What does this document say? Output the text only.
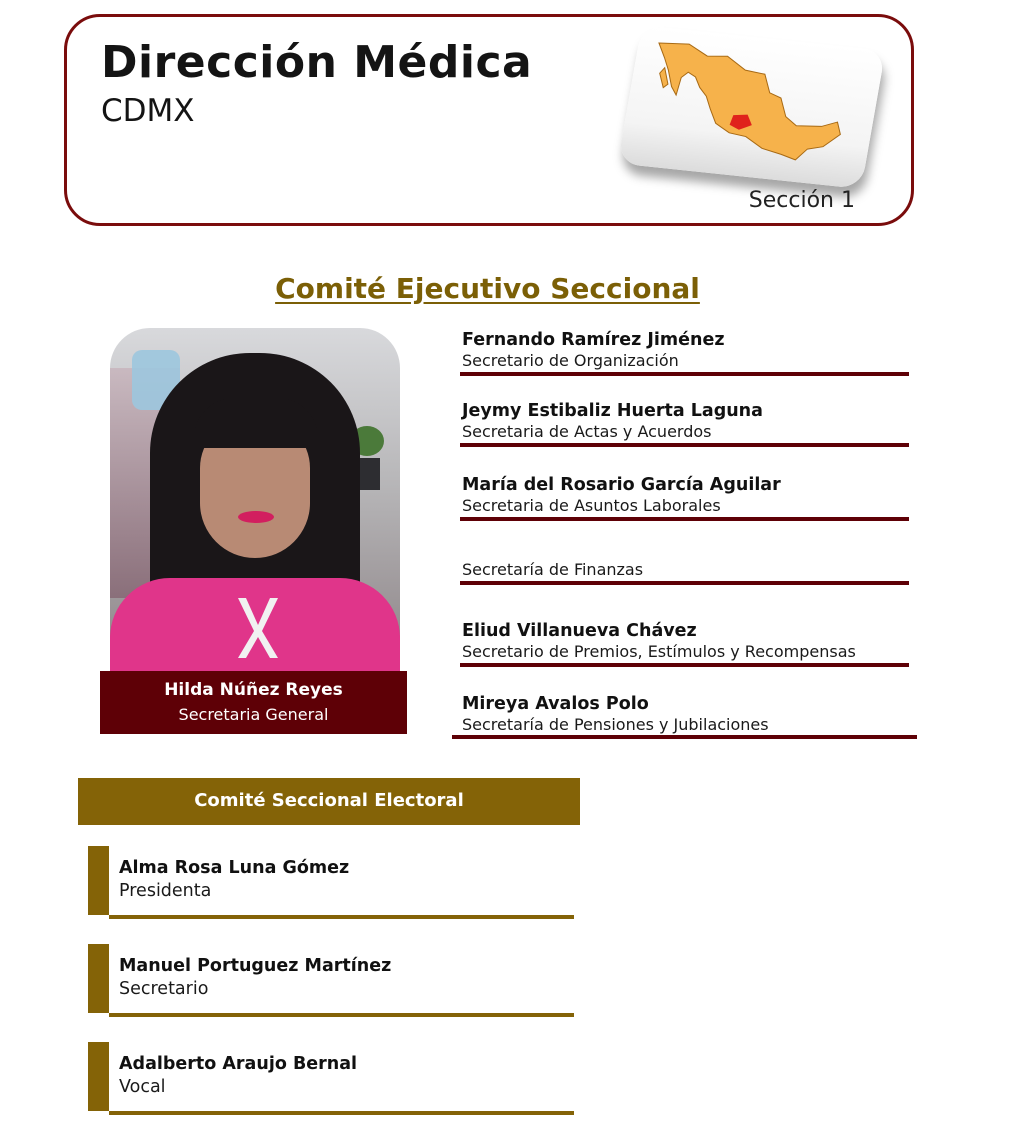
Dirección Médica
CDMX
Sección 1
Comité Ejecutivo Seccional
Hilda Núñez Reyes
Secretaria General
Fernando Ramírez Jiménez
Secretario de Organización
Jeymy Estibaliz Huerta Laguna
Secretaria de Actas y Acuerdos
María del Rosario García Aguilar
Secretaria de Asuntos Laborales
Secretaría de Finanzas
Eliud Villanueva Chávez
Secretario de Premios, Estímulos y Recompensas
Mireya Avalos Polo
Secretaría de Pensiones y Jubilaciones
Comité Seccional Electoral
Alma Rosa Luna Gómez
Presidenta
Manuel Portuguez Martínez
Secretario
Adalberto Araujo Bernal
Vocal
